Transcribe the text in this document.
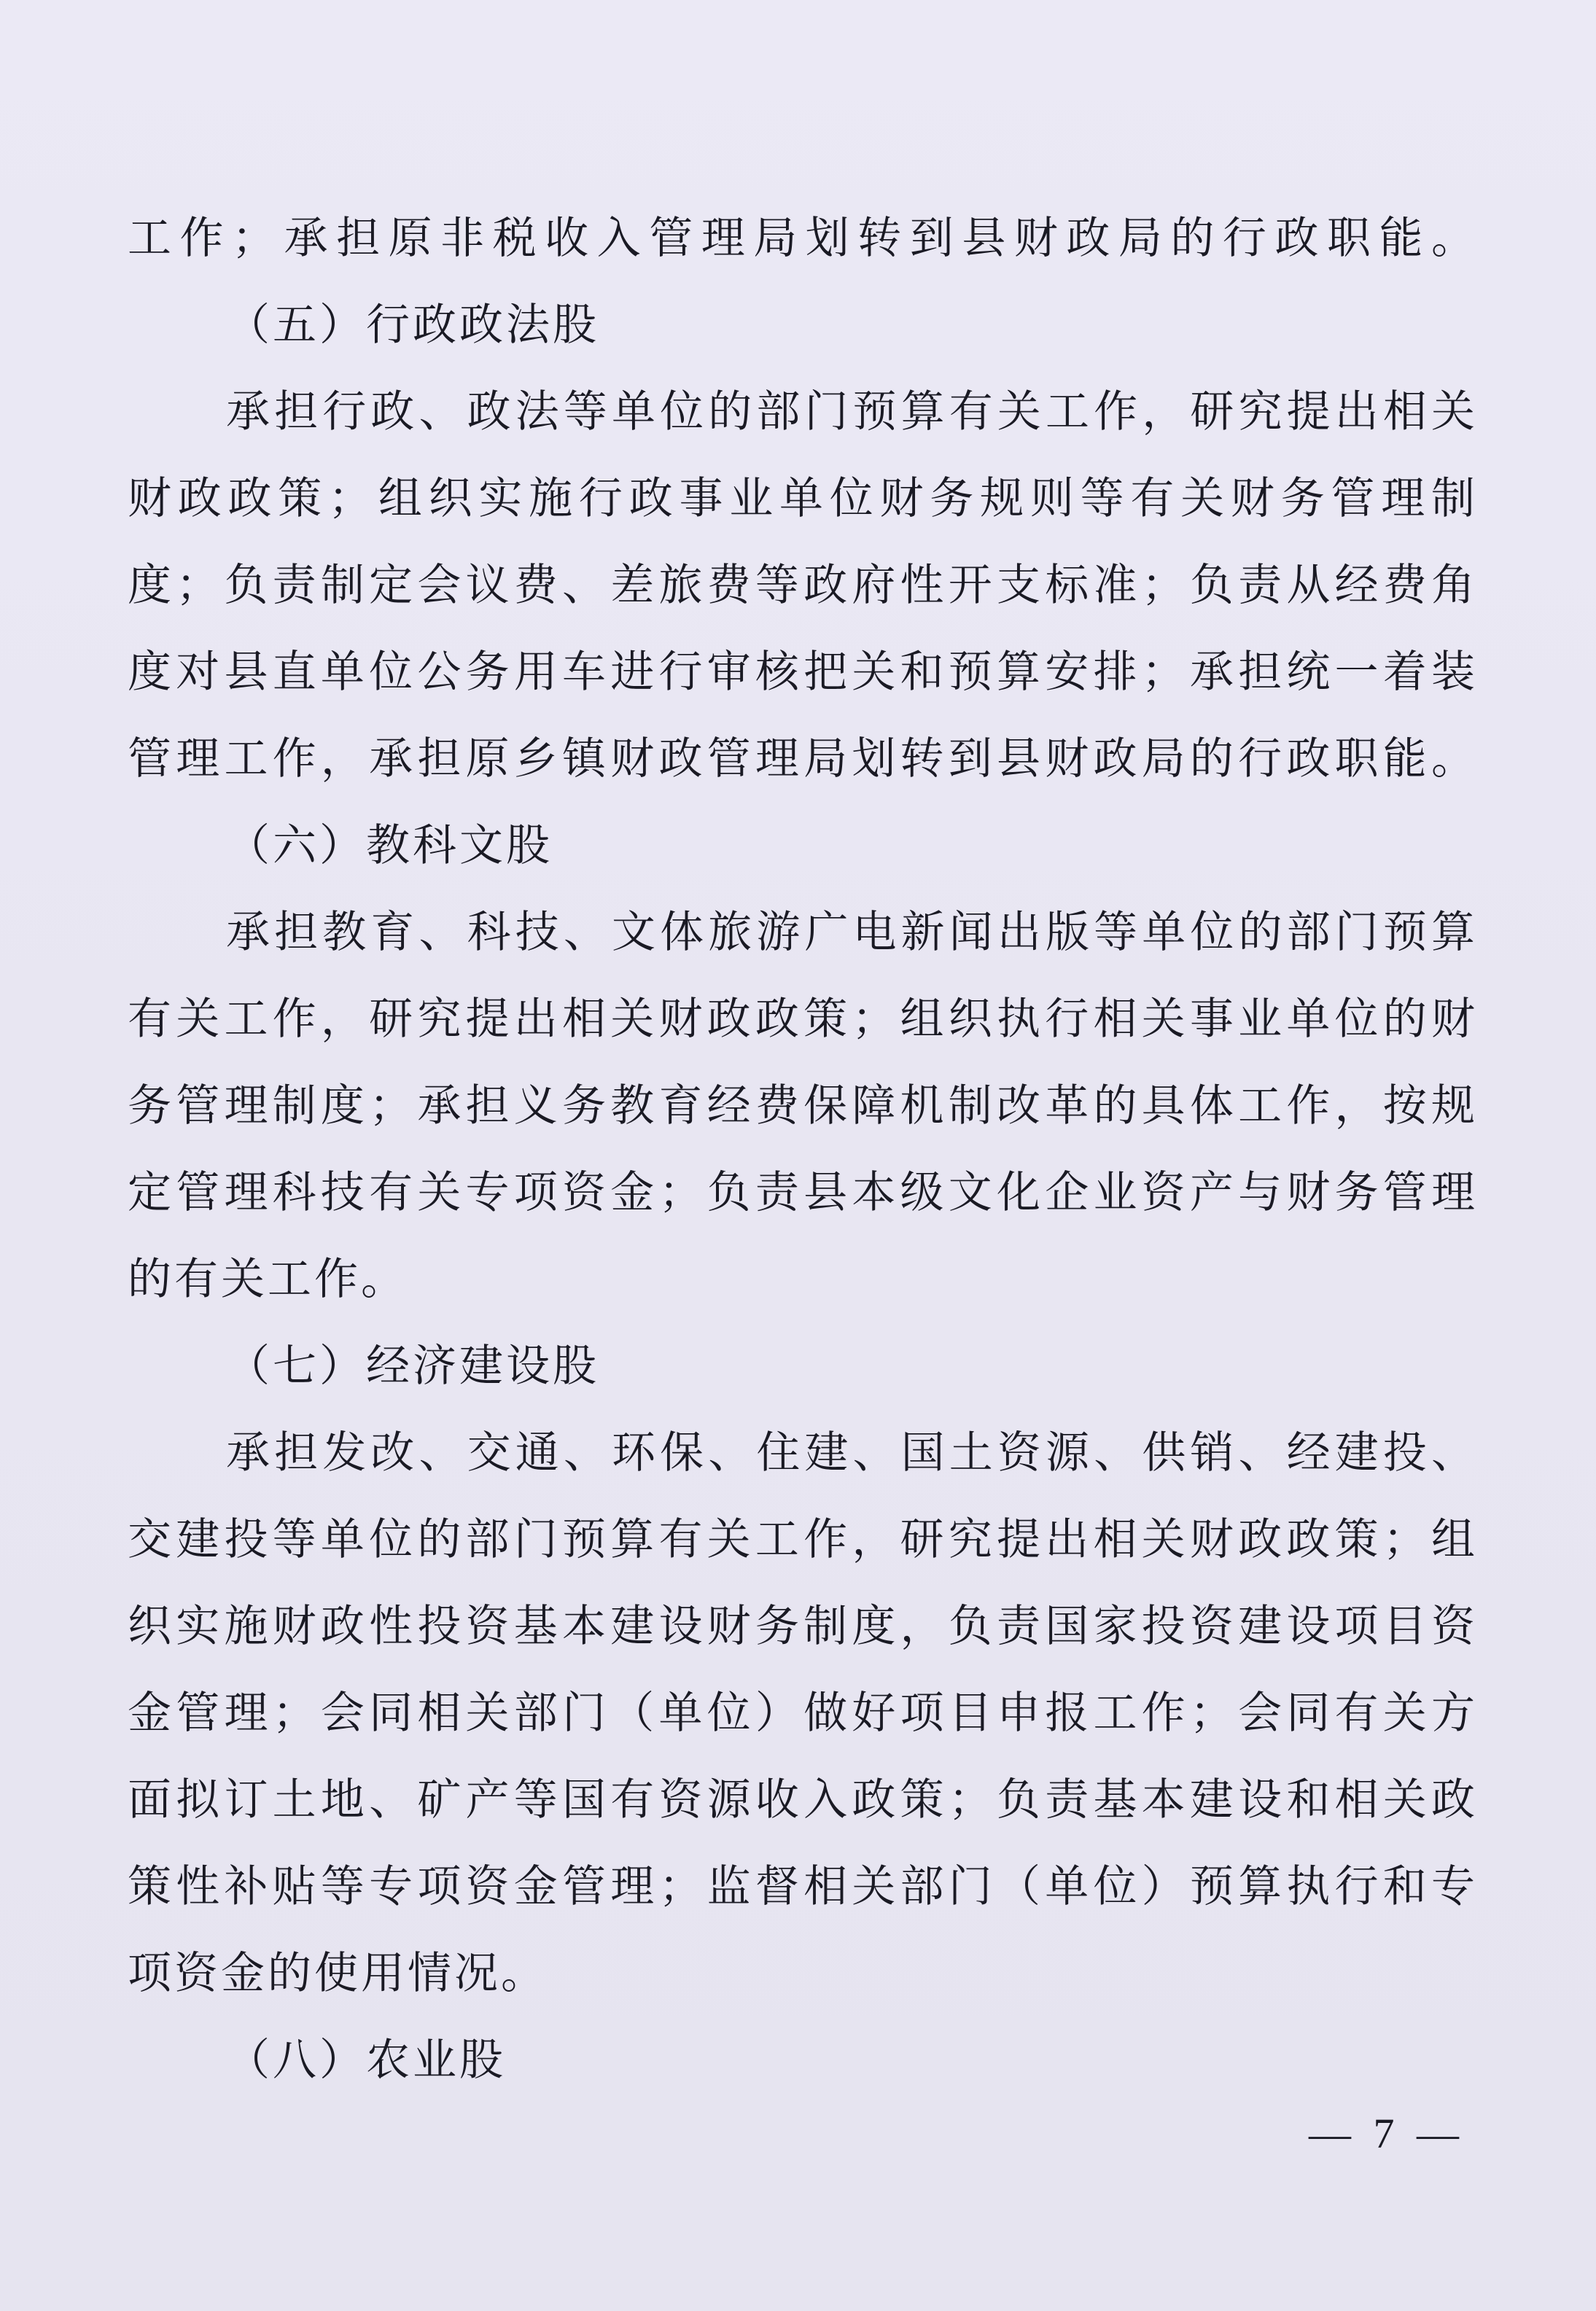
工作；承担原非税收入管理局划转到县财政局的行政职能。
（五）行政政法股
承担行政、政法等单位的部门预算有关工作，研究提出相关
财政政策；组织实施行政事业单位财务规则等有关财务管理制
度；负责制定会议费、差旅费等政府性开支标准；负责从经费角
度对县直单位公务用车进行审核把关和预算安排；承担统一着装
管理工作，承担原乡镇财政管理局划转到县财政局的行政职能。
（六）教科文股
承担教育、科技、文体旅游广电新闻出版等单位的部门预算
有关工作，研究提出相关财政政策；组织执行相关事业单位的财
务管理制度；承担义务教育经费保障机制改革的具体工作，按规
定管理科技有关专项资金；负责县本级文化企业资产与财务管理
的有关工作。
（七）经济建设股
承担发改、交通、环保、住建、国土资源、供销、经建投、
交建投等单位的部门预算有关工作，研究提出相关财政政策；组
织实施财政性投资基本建设财务制度，负责国家投资建设项目资
金管理；会同相关部门（单位）做好项目申报工作；会同有关方
面拟订土地、矿产等国有资源收入政策；负责基本建设和相关政
策性补贴等专项资金管理；监督相关部门（单位）预算执行和专
项资金的使用情况。
（八）农业股
— 7 —
